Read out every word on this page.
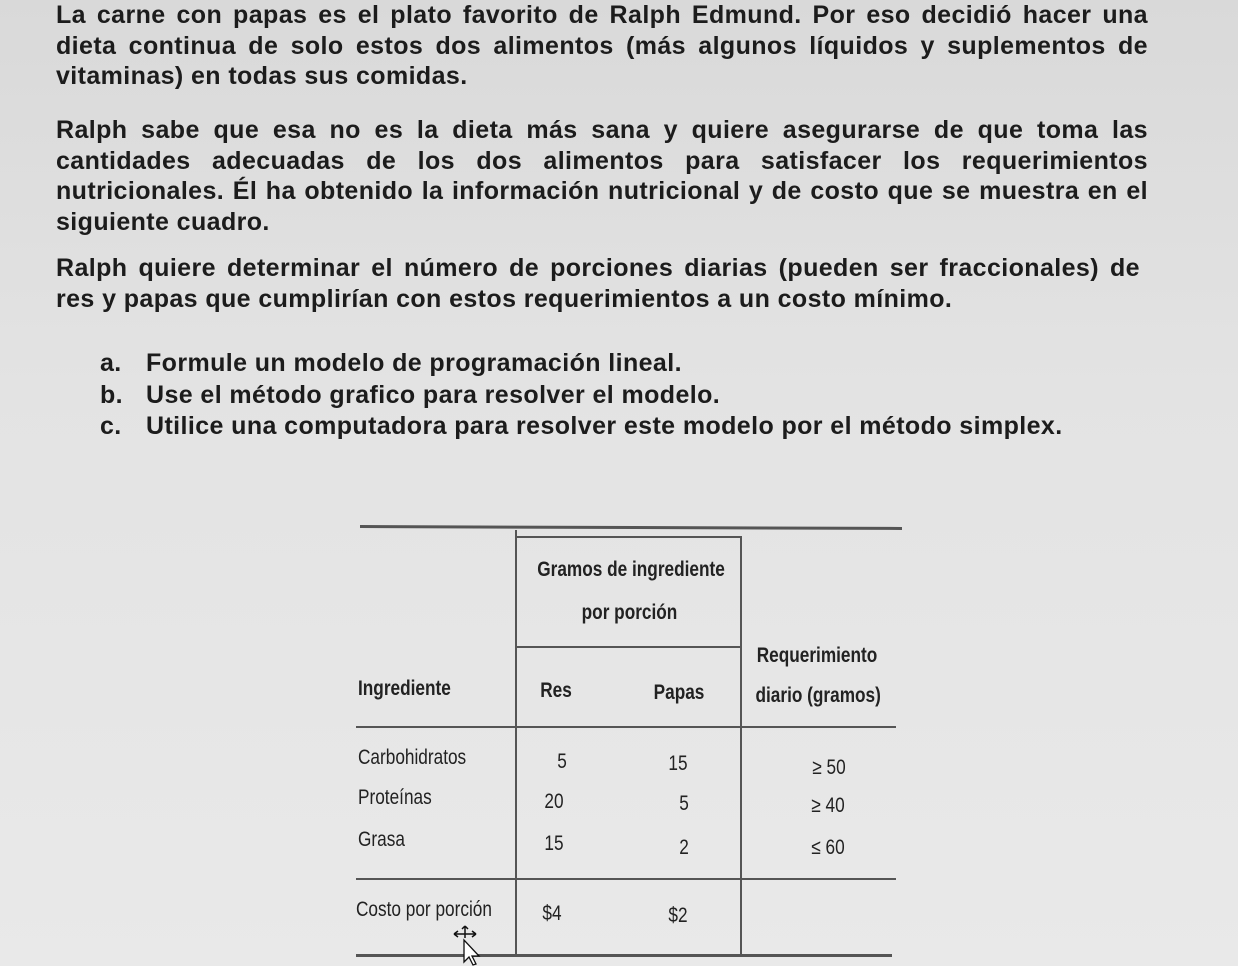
La carne con papas es el plato favorito de Ralph Edmund. Por eso decidió hacer una dieta continua de solo estos dos alimentos (más algunos líquidos y suplementos de vitaminas) en todas sus comidas.

Ralph sabe que esa no es la dieta más sana y quiere asegurarse de que toma las cantidades adecuadas de los dos alimentos para satisfacer los requerimientos nutricionales. Él ha obtenido la información nutricional y de costo que se muestra en el siguiente cuadro.

Ralph quiere determinar el número de porciones diarias (pueden ser fraccionales) de res y papas que cumplirían con estos requerimientos a un costo mínimo.

a. Formule un modelo de programación lineal.
b. Use el método grafico para resolver el modelo.
c. Utilice una computadora para resolver este modelo por el método simplex.
Gramos de ingrediente
por porción
Ingrediente	Res	Papas
Requerimiento
diario (gramos)
Carbohidratos	5	15	≥ 50
Proteínas	20	5	≥ 40
Grasa	15	2	≤ 60
Costo por porción	$4	$2
